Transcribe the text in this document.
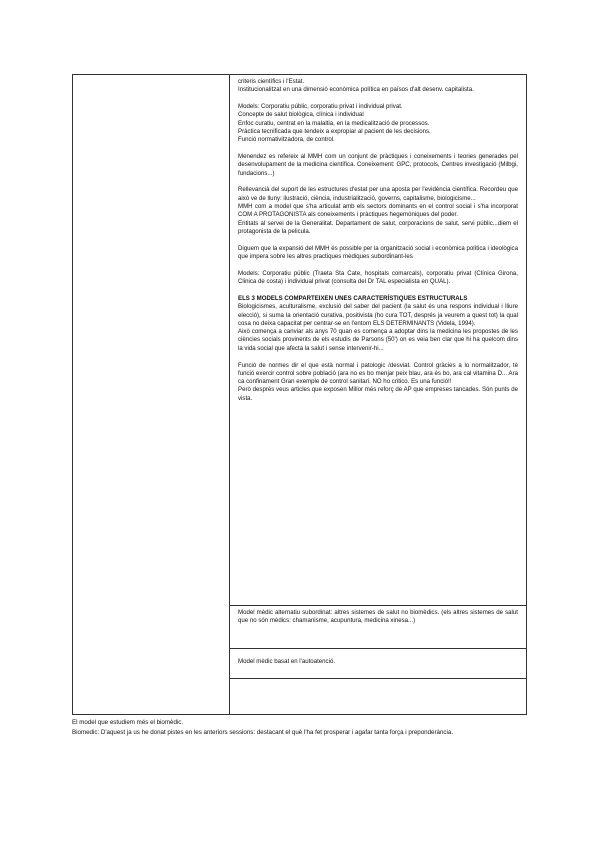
criteris científics i l'Estat.
Institucionalitzat en una dimensió econòmica política en països d'alt desenv. capitalista.

Models: Corporatiu públic, corporatiu privat i individual privat.
Concepte de salut biològica, clínica i individual
Enfoc curatiu, centrat en la malaltia, en la medicalització de processos.
Pràctica tecnificada que tendeix a expropiar al pacient de les decisions.
Funció normativitzadora, de control.

Menendez es refereix al MMH com un conjunt de pràctiques i coneixements i teories generades pel desenvolupament de la medicina científica. Coneixement: GPC, protocols, Centres investigació (Milbgi, fundacions...)

Rellevancià del suport de les estructures d'estat per una aposta per l'evidència científica. Recordeu que això ve de lluny: ilustració, ciència, industrialització, governs, capitalisme, biologicisme...
MMH com a model que s'ha articulat amb els sectors dominants en el control social i s'ha incorporat COM A PROTAGONISTA als coneixements i pràctiques hegemòniques del poder.
Entitats al servei de la Generalitat. Departament de salut, corporacions de salut, servi públic...diem el protagonista de la pelicula.

Diguem que la expansió del MMH és possible per la organització social i econòmica política i ideològica que impera sobre les altres practiques mèdiques subordinant-les

Models: Corporatiu públic (Traeta Sta Cate, hospitals comarcals), corporatiu privat (Clínica Girona, Clinica de costa) i individual privat (consulta del Dr TAL especialista en QUAL).

ELS 3 MODELS COMPARTEIXEN UNES CARACTERÍSTIQUES ESTRUCTURALS
Biologicismes, aculturalisme, exclusió del saber del pacient (la salut és una respons individual i lliure elecció), si suma la orientació curativa, positivista (ho cura TOT, després ja veurem a quest tot) la qual cosa no deixa capacitat per centrar-se en l'entorn ELS DETERMINANTS (Videla, 1994).
Això comença a canviar als anys 70 quan es comença a adoptar dins la medicina les propostes de les ciències socials provinents de els estudis de Parsons (50') on es veia ben clar que hi ha quelcom dins la vida social que afecta la salut i sense intervenir-hi...

Funció de normes dir el que està normal i patologic /desviat. Control gràcies a lo normalitzador, té funció exercir control sobre població (ara no es bo menjar peix blau, ara és bo, ara cal vitamina D... Ara ca confinament Gran exemple de control sanitari. NO ho critico. Es una funció!!
Però després veus articles que exposen Millor més reforç de AP que empreses tancades. Són punts de vista.

Model mèdic alternatiu subordinat: altres sistemes de salut no biomèdics. (els altres sistemes de salut que no són mèdics: chamanisme, acupuntura, medicina xinesa...)
Model mèdic basat en l'autoatenció.
El model que estudiem més el biomèdic.
Biomedic: D'aquest ja us he donat pistes en les anteriors sessions: destacant el què l'ha fet prosperar i agafar tanta força i preponderància.
